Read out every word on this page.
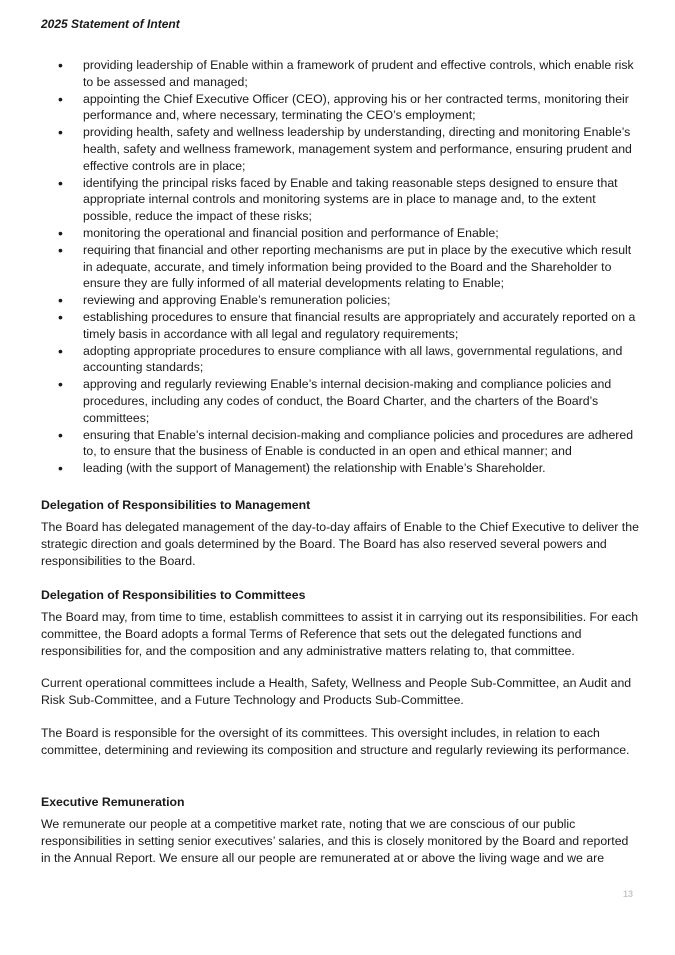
2025 Statement of Intent
• providing leadership of Enable within a framework of prudent and effective controls, which enable risk to be assessed and managed;
• appointing the Chief Executive Officer (CEO), approving his or her contracted terms, monitoring their performance and, where necessary, terminating the CEO’s employment;
• providing health, safety and wellness leadership by understanding, directing and monitoring Enable’s health, safety and wellness framework, management system and performance, ensuring prudent and effective controls are in place;
• identifying the principal risks faced by Enable and taking reasonable steps designed to ensure that appropriate internal controls and monitoring systems are in place to manage and, to the extent possible, reduce the impact of these risks;
• monitoring the operational and financial position and performance of Enable;
• requiring that financial and other reporting mechanisms are put in place by the executive which result in adequate, accurate, and timely information being provided to the Board and the Shareholder to ensure they are fully informed of all material developments relating to Enable;
• reviewing and approving Enable’s remuneration policies;
• establishing procedures to ensure that financial results are appropriately and accurately reported on a timely basis in accordance with all legal and regulatory requirements;
• adopting appropriate procedures to ensure compliance with all laws, governmental regulations, and accounting standards;
• approving and regularly reviewing Enable’s internal decision-making and compliance policies and procedures, including any codes of conduct, the Board Charter, and the charters of the Board’s committees;
• ensuring that Enable’s internal decision-making and compliance policies and procedures are adhered to, to ensure that the business of Enable is conducted in an open and ethical manner; and
• leading (with the support of Management) the relationship with Enable’s Shareholder.

Delegation of Responsibilities to Management

The Board has delegated management of the day-to-day affairs of Enable to the Chief Executive to deliver the strategic direction and goals determined by the Board. The Board has also reserved several powers and responsibilities to the Board.

Delegation of Responsibilities to Committees

The Board may, from time to time, establish committees to assist it in carrying out its responsibilities. For each committee, the Board adopts a formal Terms of Reference that sets out the delegated functions and responsibilities for, and the composition and any administrative matters relating to, that committee.

Current operational committees include a Health, Safety, Wellness and People Sub-Committee, an Audit and Risk Sub-Committee, and a Future Technology and Products Sub-Committee.

The Board is responsible for the oversight of its committees. This oversight includes, in relation to each committee, determining and reviewing its composition and structure and regularly reviewing its performance.

Executive Remuneration

We remunerate our people at a competitive market rate, noting that we are conscious of our public responsibilities in setting senior executives’ salaries, and this is closely monitored by the Board and reported in the Annual Report. We ensure all our people are remunerated at or above the living wage and we are

13
